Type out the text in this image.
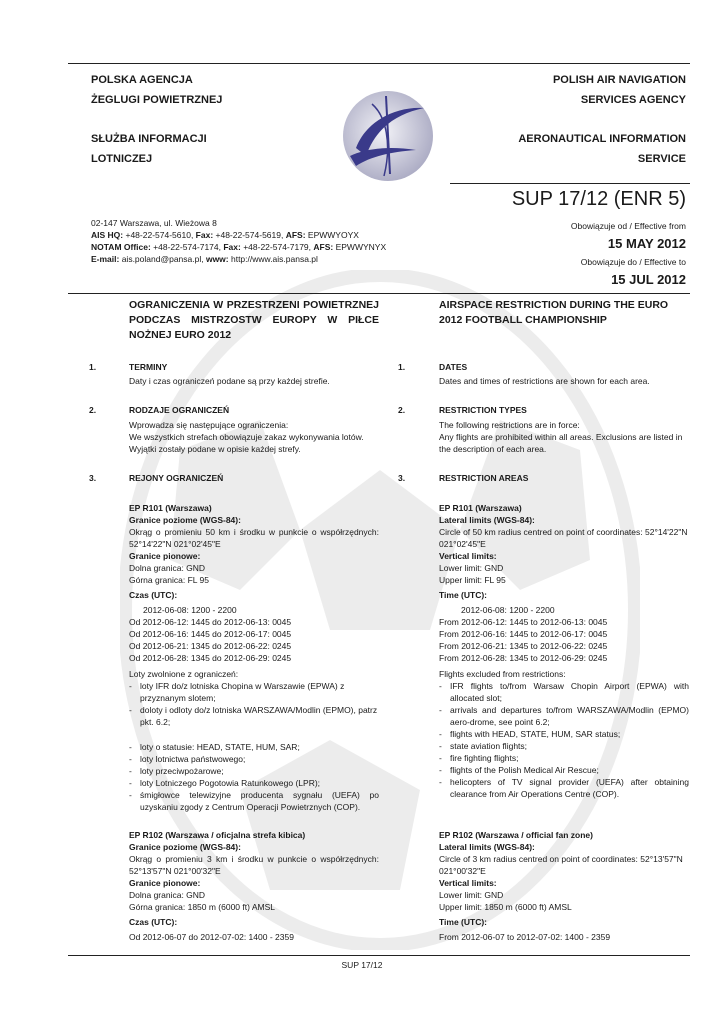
POLSKA AGENCJA
ŻEGLUGI POWIETRZNEJ
SŁUŻBA INFORMACJI
LOTNICZEJ
POLISH AIR NAVIGATION
SERVICES AGENCY
AERONAUTICAL INFORMATION
SERVICE
SUP 17/12 (ENR 5)
02-147 Warszawa, ul. Wieżowa 8
AIS HQ: +48-22-574-5610, Fax: +48-22-574-5619, AFS: EPWWYOYX
NOTAM Office: +48-22-574-7174, Fax: +48-22-574-7179, AFS: EPWWYNYX
E-mail: ais.poland@pansa.pl, www: http://www.ais.pansa.pl
Obowiązuje od / Effective from
15 MAY 2012
Obowiązuje do / Effective to
15 JUL 2012
OGRANICZENIA W PRZESTRZENI POWIETRZNEJ PODCZAS MISTRZOSTW EUROPY W PIŁCE NOŻNEJ EURO 2012
AIRSPACE RESTRICTION DURING THE EURO 2012 FOOTBALL CHAMPIONSHIP
1.	TERMINY
Daty i czas ograniczeń podane są przy każdej strefie.
1.	DATES
Dates and times of restrictions are shown for each area.
2.	RODZAJE OGRANICZEŃ
Wprowadza się następujące ograniczenia:
We wszystkich strefach obowiązuje zakaz wykonywania lotów. Wyjątki zostały podane w opisie każdej strefy.
2.	RESTRICTION TYPES
The following restrictions are in force:
Any flights are prohibited within all areas. Exclusions are listed in the description of each area.
3.	REJONY OGRANICZEŃ	3.	RESTRICTION AREAS

EP R101 (Warszawa)

Granice poziome (WGS-84):

Okrąg o promieniu 50 km i środku w punkcie o współrzędnych: 52°14'22"N 021°02'45"E

Granice pionowe:

Dolna granica: GND

Górna granica: FL 95

Czas (UTC):

2012-06-08: 1200 - 2200

Od 2012-06-12: 1445 do 2012-06-13: 0045

Od 2012-06-16: 1445 do 2012-06-17: 0045

Od 2012-06-21: 1345 do 2012-06-22: 0245

Od 2012-06-28: 1345 do 2012-06-29: 0245

Loty zwolnione z ograniczeń:

- loty IFR do/z lotniska Chopina w Warszawie (EPWA) z przyznanym slotem;
- doloty i odloty do/z lotniska WARSZAWA/Modlin (EPMO), patrz pkt. 6.2;
- loty o statusie: HEAD, STATE, HUM, SAR;
- loty lotnictwa państwowego;
- loty przeciwpożarowe;
- loty Lotniczego Pogotowia Ratunkowego (LPR);
- śmigłowce telewizyjne producenta sygnału (UEFA) po uzyskaniu zgody z Centrum Operacji Powietrznych (COP).

EP R101 (Warszawa)

Lateral limits (WGS-84):

Circle of 50 km radius centred on point of coordinates: 52°14'22"N 021°02'45"E

Vertical limits:

Lower limit: GND

Upper limit: FL 95

Time (UTC):

2012-06-08: 1200 - 2200

From 2012-06-12: 1445 to 2012-06-13: 0045

From 2012-06-16: 1445 to 2012-06-17: 0045

From 2012-06-21: 1345 to 2012-06-22: 0245

From 2012-06-28: 1345 to 2012-06-29: 0245

Flights excluded from restrictions:

- IFR flights to/from Warsaw Chopin Airport (EPWA) with allocated slot;
- arrivals and departures to/from WARSZAWA/Modlin (EPMO) aero-drome, see point 6.2;
- flights with HEAD, STATE, HUM, SAR status;
- state aviation flights;
- fire fighting flights;
- flights of the Polish Medical Air Rescue;
- helicopters of TV signal provider (UEFA) after obtaining clearance from Air Operations Centre (COP).

EP R102 (Warszawa / oficjalna strefa kibica)

Granice poziome (WGS-84):

Okrąg o promieniu 3 km i środku w punkcie o współrzędnych: 52°13'57"N 021°00'32"E

Granice pionowe:

Dolna granica: GND

Górna granica: 1850 m (6000 ft) AMSL

Czas (UTC):

Od 2012-06-07 do 2012-07-02: 1400 - 2359

EP R102 (Warszawa / official fan zone)

Lateral limits (WGS-84):

Circle of 3 km radius centred on point of coordinates: 52°13'57"N 021°00'32"E

Vertical limits:

Lower limit: GND

Upper limit: 1850 m (6000 ft) AMSL

Time (UTC):

From 2012-06-07 to 2012-07-02: 1400 - 2359

SUP 17/12
